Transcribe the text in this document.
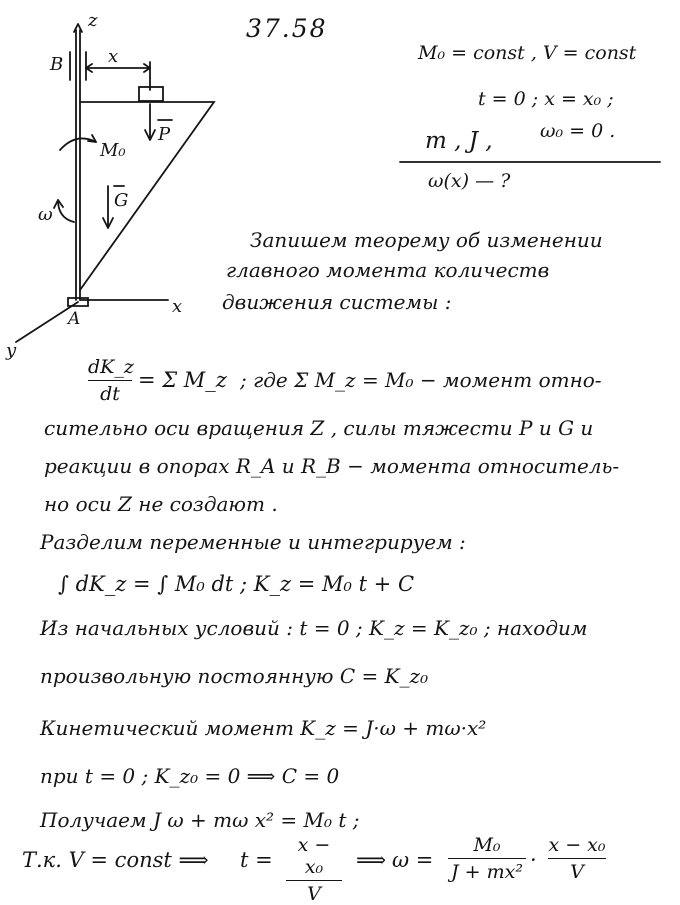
z
B x
P
M₀
ω
G
A
x
y
37.58
M₀ = const , V = const
t = 0 ; x = x₀ ;
m , J , ω₀ = 0 .
ω(x) — ?
Запишем теорему об изменении
главного момента количеств
движения системы :
dK_z
dt
= Σ M_z ; где Σ M_z = M₀ − момент отно-
сительно оси вращения Z , силы тяжести P и G и
реакции в опорах R_A и R_B − момента относитель-
но оси Z не создают .
Разделим переменные и интегрируем :
∫ dK_z = ∫ M₀ dt ; K_z = M₀ t + C
Из начальных условий : t = 0 ; K_z = K_z₀ ; находим
произвольную постоянную C = K_z₀
Кинетический момент K_z = J·ω + mω·x²
при t = 0 ; K_z₀ = 0 ⟹ C = 0
Получаем J ω + mω x² = M₀ t ;
Т.к. V = const ⟹ t =
x − x₀
V
⟹ ω =
M₀
J + mx² ·
x − x₀
V
